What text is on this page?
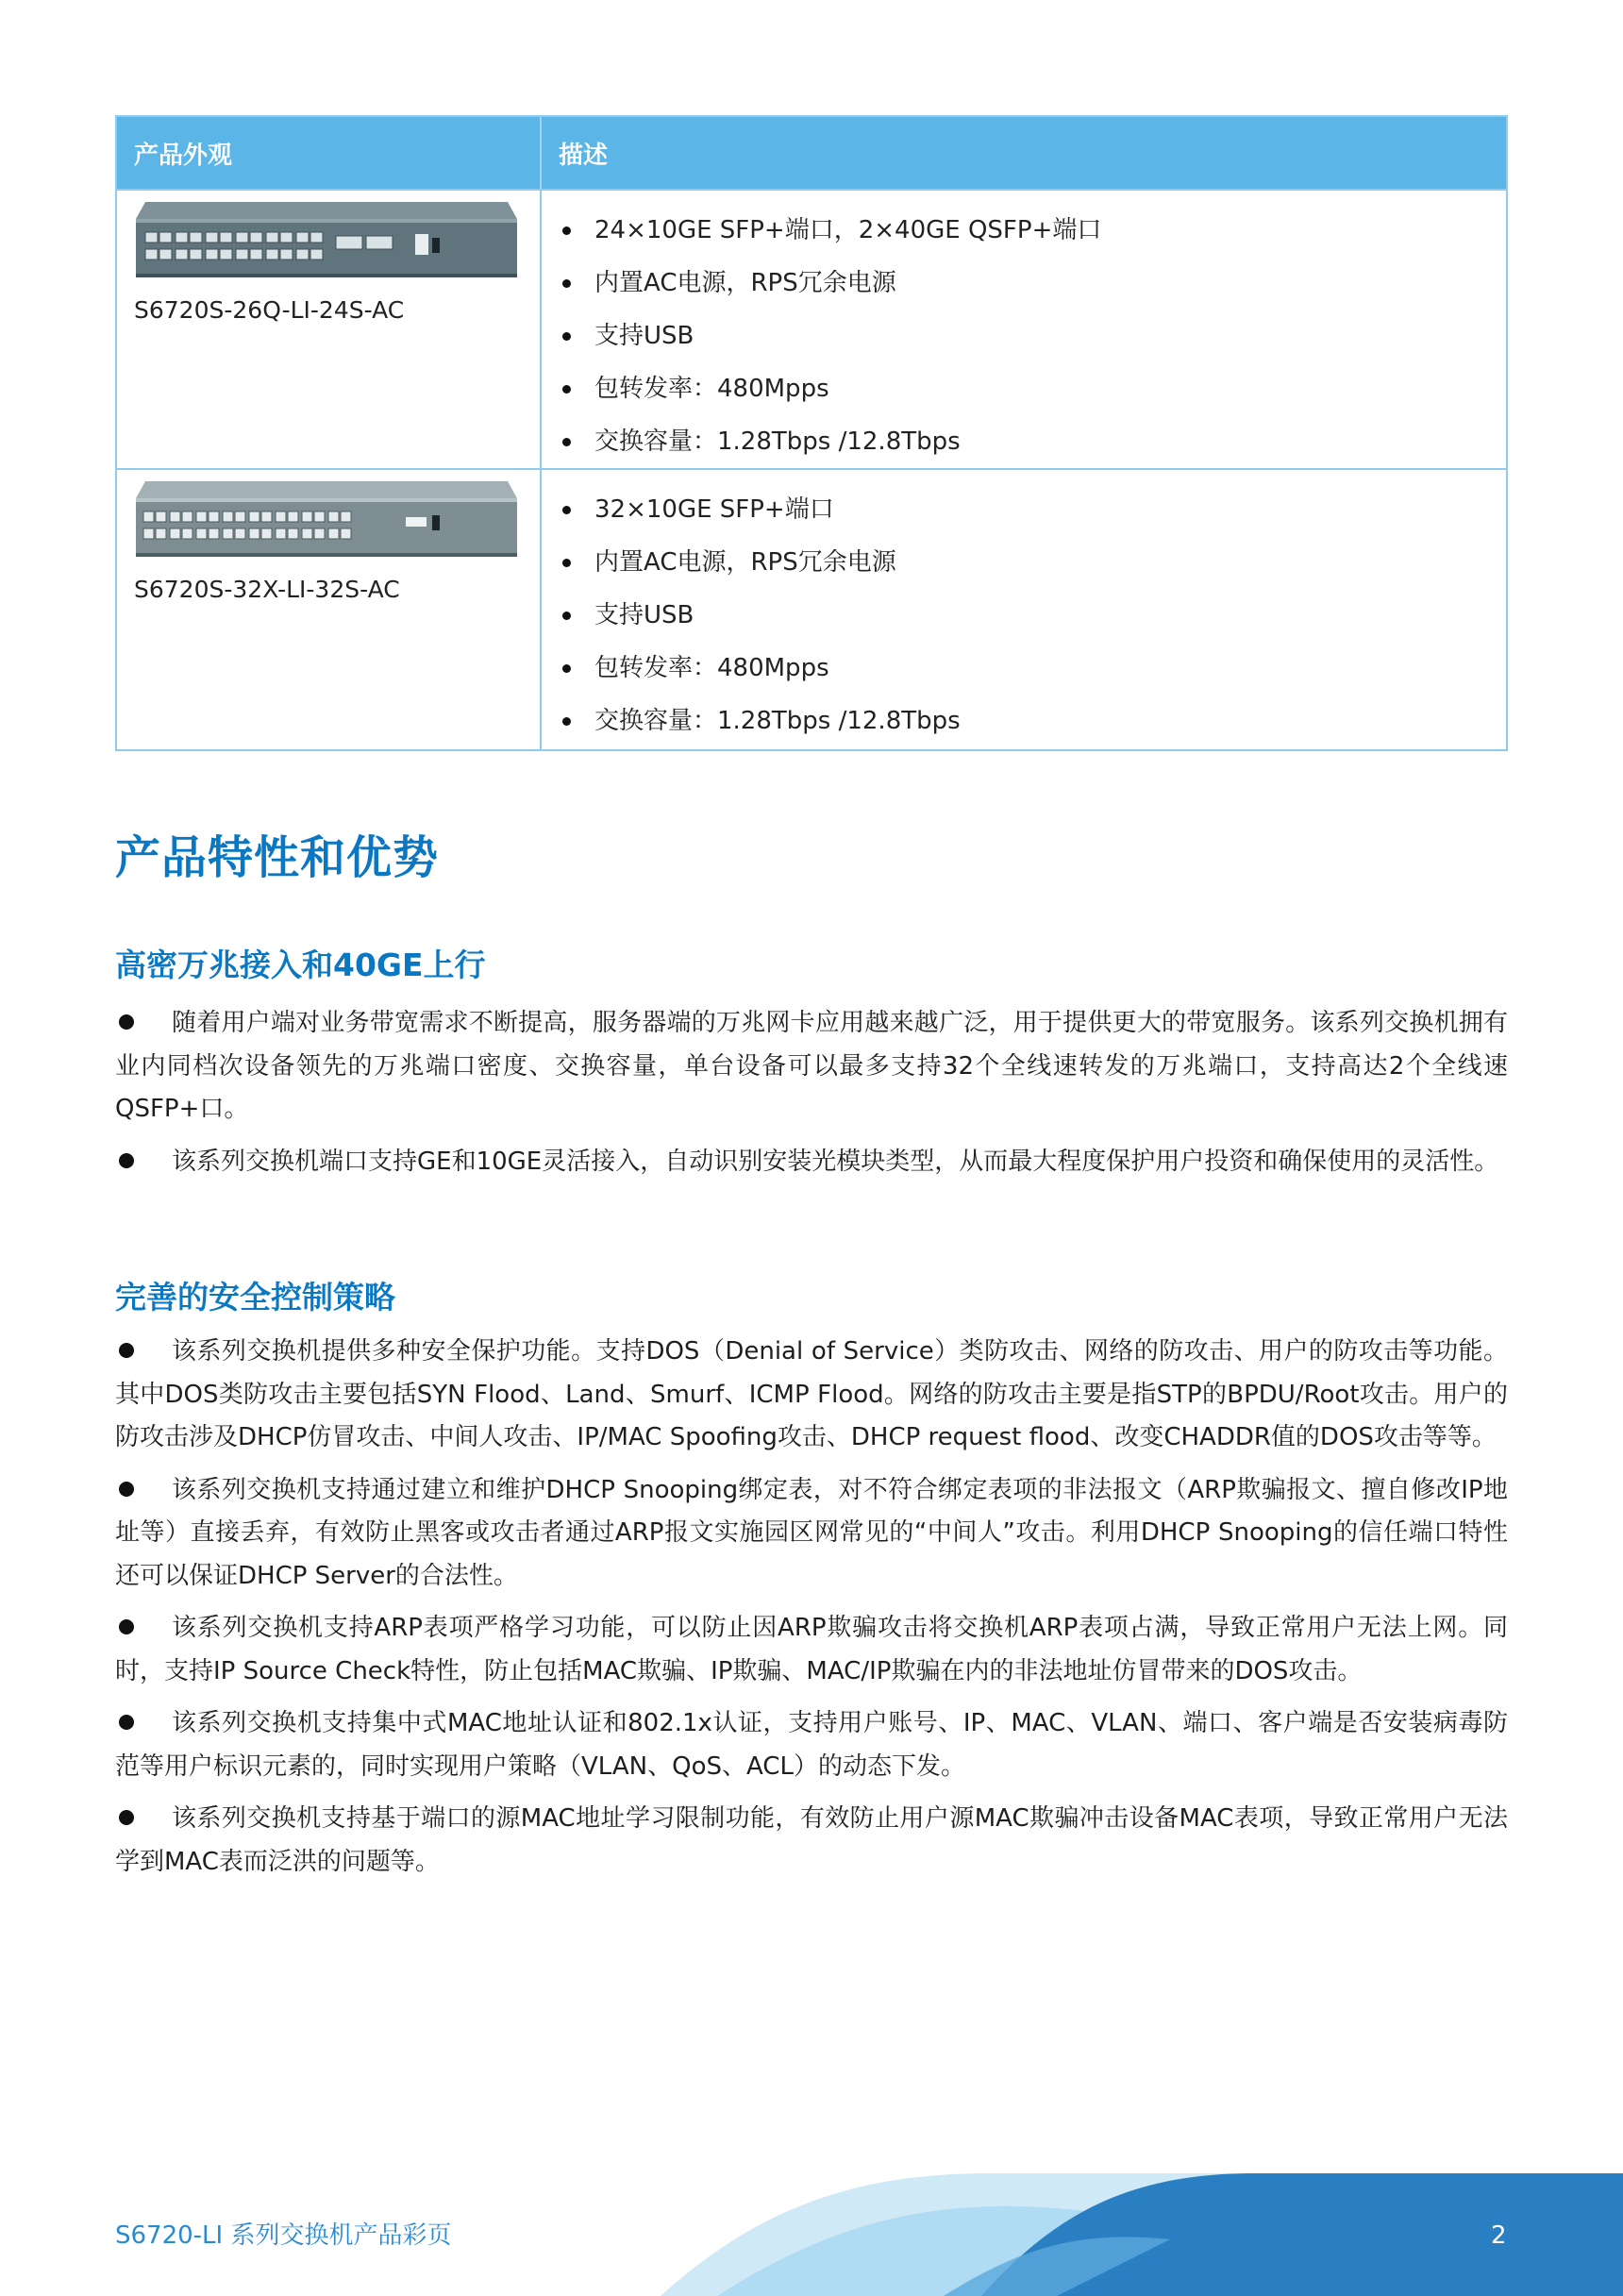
产品外观	描述
S6720S-26Q-LI-24S-AC
24×10GE SFP+端口，2×40GE QSFP+端口
内置AC电源，RPS冗余电源
支持USB
包转发率：480Mpps
交换容量：1.28Tbps /12.8Tbps
S6720S-32X-LI-32S-AC
32×10GE SFP+端口
内置AC电源，RPS冗余电源
支持USB
包转发率：480Mpps
交换容量：1.28Tbps /12.8Tbps
产品特性和优势
高密万兆接入和40GE上行

随着用户端对业务带宽需求不断提高，服务器端的万兆网卡应用越来越广泛，用于提供更大的带宽服务。该系列交换机拥有业内同档次设备领先的万兆端口密度、交换容量，单台设备可以最多支持32个全线速转发的万兆端口，支持高达2个全线速QSFP+口。

该系列交换机端口支持GE和10GE灵活接入，自动识别安装光模块类型，从而最大程度保护用户投资和确保使用的灵活性。

完善的安全控制策略

该系列交换机提供多种安全保护功能。支持DOS（Denial of Service）类防攻击、网络的防攻击、用户的防攻击等功能。其中DOS类防攻击主要包括SYN Flood、Land、Smurf、ICMP Flood。网络的防攻击主要是指STP的BPDU/Root攻击。用户的防攻击涉及DHCP仿冒攻击、中间人攻击、IP/MAC Spoofing攻击、DHCP request flood、改变CHADDR值的DOS攻击等等。

该系列交换机支持通过建立和维护DHCP Snooping绑定表，对不符合绑定表项的非法报文（ARP欺骗报文、擅自修改IP地址等）直接丢弃，有效防止黑客或攻击者通过ARP报文实施园区网常见的“中间人”攻击。利用DHCP Snooping的信任端口特性还可以保证DHCP Server的合法性。

该系列交换机支持ARP表项严格学习功能，可以防止因ARP欺骗攻击将交换机ARP表项占满，导致正常用户无法上网。同时，支持IP Source Check特性，防止包括MAC欺骗、IP欺骗、MAC/IP欺骗在内的非法地址仿冒带来的DOS攻击。

该系列交换机支持集中式MAC地址认证和802.1x认证，支持用户账号、IP、MAC、VLAN、端口、客户端是否安装病毒防范等用户标识元素的，同时实现用户策略（VLAN、QoS、ACL）的动态下发。

该系列交换机支持基于端口的源MAC地址学习限制功能，有效防止用户源MAC欺骗冲击设备MAC表项，导致正常用户无法学到MAC表而泛洪的问题等。

S6720-LI 系列交换机产品彩页	2
